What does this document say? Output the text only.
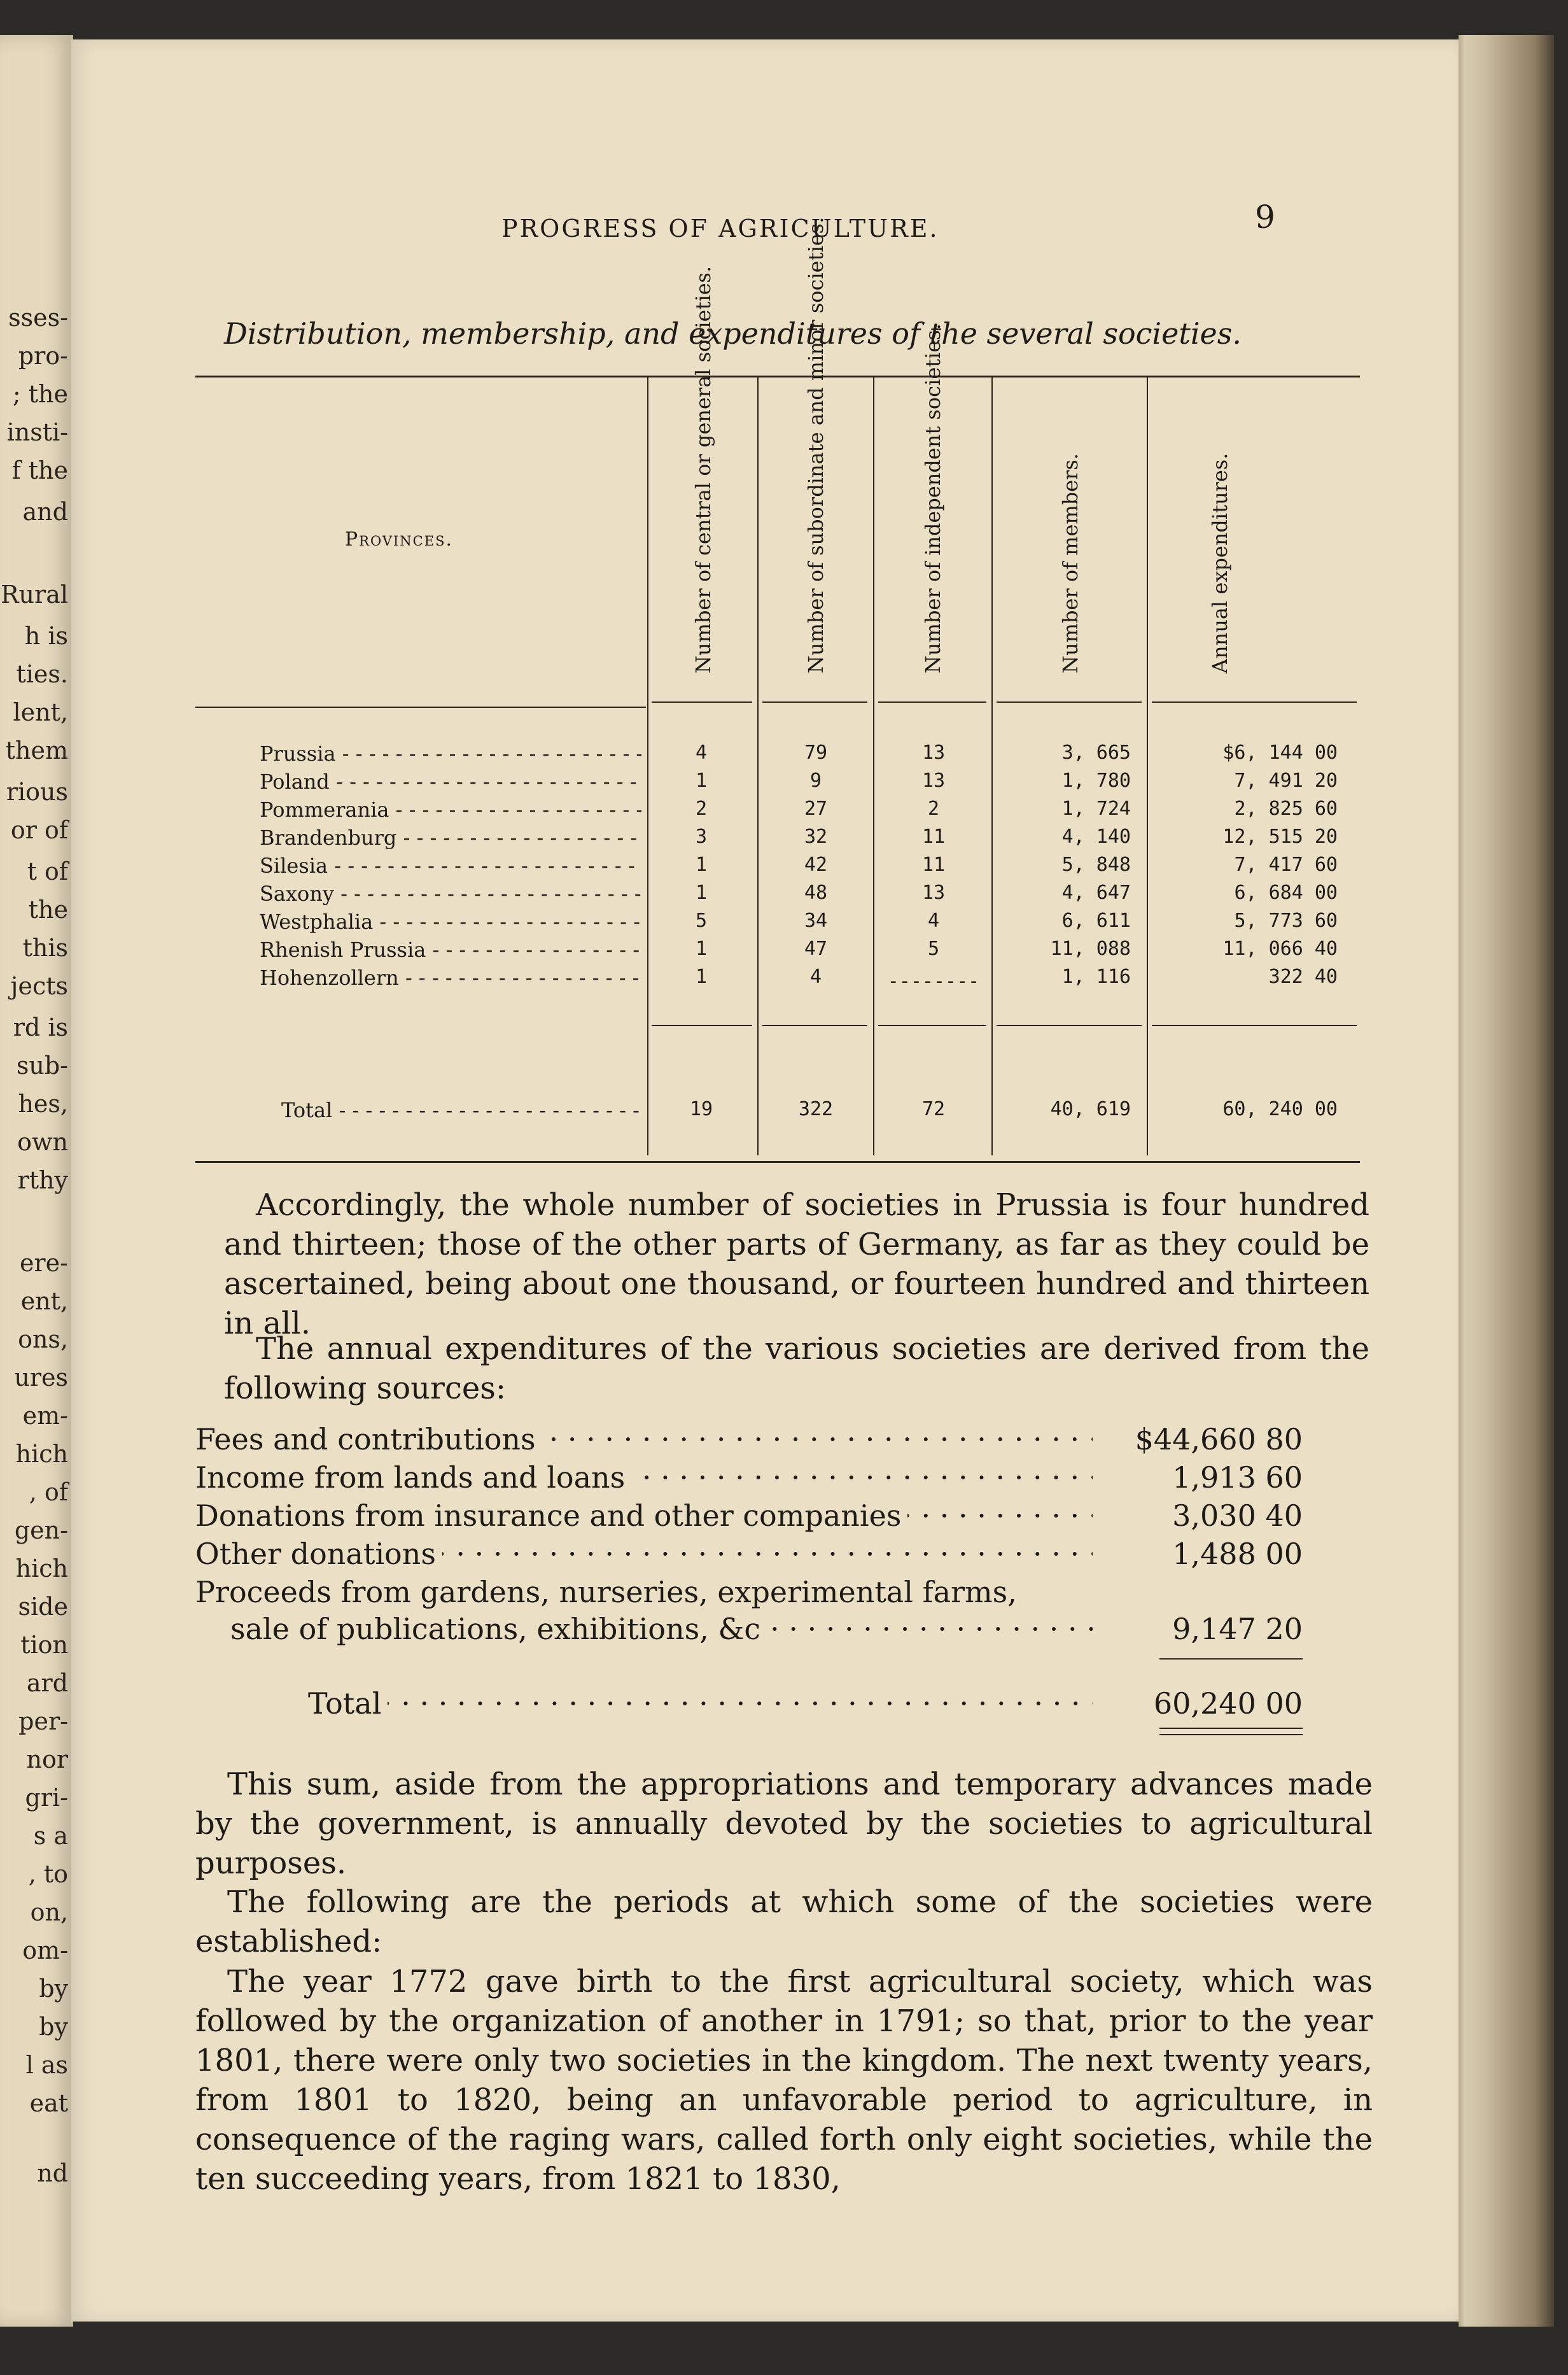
sses-
pro-
; the
insti-
f the
and
Rural
h is
ties.
lent,
them
rious
or of
t of
the
this
jects
rd is
sub-
hes,
own
rthy
ere-
ent,
ons,
ures
em-
hich
, of
gen-
hich
side
tion
ard
per-
nor
gri-
s a
, to
on,
om-
by
by
l as
eat
nd
PROGRESS OF AGRICULTURE.	9
Distribution, membership, and expenditures of the several societies.
Provinces.	Number of central or general societies.	Number of subordinate and minor societies.	Number of independent societies.	Number of members.	Annual expenditures.
Prussia - - -	4	79	13	3, 665	$6, 144 00
Poland - - -	1	9	13	1, 780	7, 491 20
Pommerania - - -	2	27	2	1, 724	2, 825 60
Brandenburg - - -	3	32	11	4, 140	12, 515 20
Silesia - - -	1	42	11	5, 848	7, 417 60
Saxony - - -	1	48	13	4, 647	6, 684 00
Westphalia - - -	5	34	4	6, 611	5, 773 60
Rhenish Prussia - - -	1	47	5	11, 088	11, 066 40
Hohenzollern - - -	1	4	--------	1, 116	322 40
Total - - -	19	322	72	40, 619	60, 240 00
Accordingly, the whole number of societies in Prussia is four hundred and thirteen; those of the other parts of Germany, as far as they could be ascertained, being about one thousand, or fourteen hundred and thirteen in all.
The annual expenditures of the various societies are derived from the following sources:
Fees and contributions
· · ·	$44,660 80
Income from lands and loans
· · ·	1,913 60
Donations from insurance and other companies
· · ·	3,030 40
Other donations
· · ·	1,488 00
Proceeds from gardens, nurseries, experimental farms,
sale of publications, exhibitions, &c
· · ·	9,147 20
Total
· · ·	60,240 00
This sum, aside from the appropriations and temporary advances made by the government, is annually devoted by the societies to agricultural purposes.
The following are the periods at which some of the societies were established:
The year 1772 gave birth to the first agricultural society, which was followed by the organization of another in 1791; so that, prior to the year 1801, there were only two societies in the kingdom. The next twenty years, from 1801 to 1820, being an unfavorable period to agriculture, in consequence of the raging wars, called forth only eight societies, while the ten succeeding years, from 1821 to 1830,
